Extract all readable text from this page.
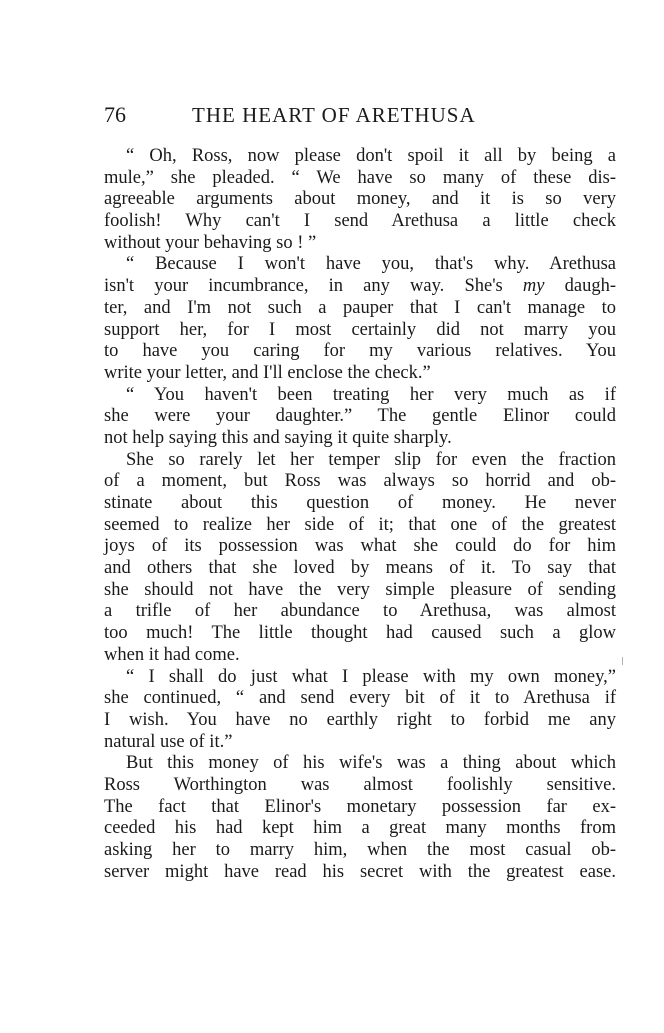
76	THE HEART OF ARETHUSA
“ Oh, Ross, now please don't spoil it all by being a
mule,” she pleaded. “ We have so many of these dis-
agreeable arguments about money, and it is so very
foolish! Why can't I send Arethusa a little check
without your behaving so ! ”
“ Because I won't have you, that's why. Arethusa
isn't your incumbrance, in any way. She's my daugh-
ter, and I'm not such a pauper that I can't manage to
support her, for I most certainly did not marry you
to have you caring for my various relatives. You
write your letter, and I'll enclose the check.”
“ You haven't been treating her very much as if
she were your daughter.” The gentle Elinor could
not help saying this and saying it quite sharply.
She so rarely let her temper slip for even the fraction
of a moment, but Ross was always so horrid and ob-
stinate about this question of money. He never
seemed to realize her side of it; that one of the greatest
joys of its possession was what she could do for him
and others that she loved by means of it. To say that
she should not have the very simple pleasure of sending
a trifle of her abundance to Arethusa, was almost
too much! The little thought had caused such a glow
when it had come.
“ I shall do just what I please with my own money,”
she continued, “ and send every bit of it to Arethusa if
I wish. You have no earthly right to forbid me any
natural use of it.”
But this money of his wife's was a thing about which
Ross Worthington was almost foolishly sensitive.
The fact that Elinor's monetary possession far ex-
ceeded his had kept him a great many months from
asking her to marry him, when the most casual ob-
server might have read his secret with the greatest ease.
